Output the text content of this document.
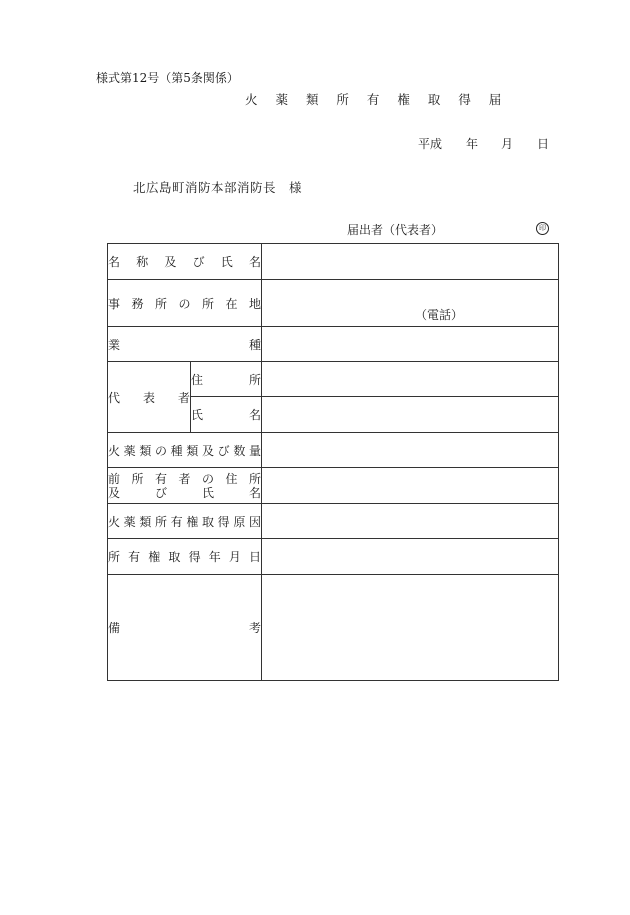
様式第12号（第5条関係）
火 薬 類 所 有 権 取 得 届
平成 年 月 日
北広島町消防本部消防長　様
届出者（代表者）	印
名称及び氏名		
事務所の所在地		（電話）

業種		
代表者	住所	
	氏名	
火薬類の種類及び数量		

前所有者の住所
及び氏名		

火薬類所有権取得原因		
所有権取得年月日		
備考		
